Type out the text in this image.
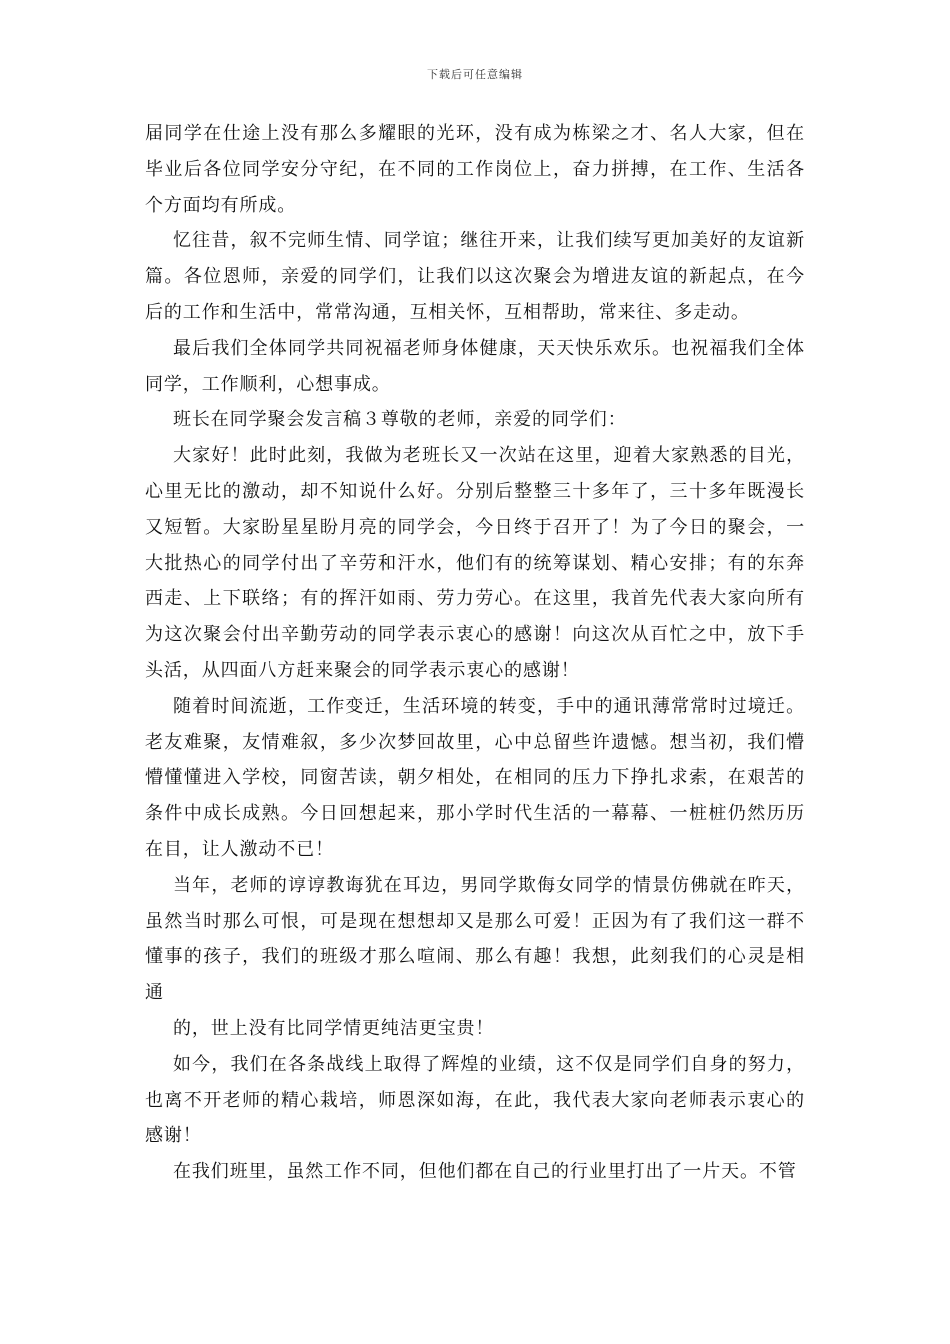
下载后可任意编辑

届同学在仕途上没有那么多耀眼的光环，没有成为栋梁之才、名人大家，但在毕业后各位同学安分守纪，在不同的工作岗位上，奋力拼搏，在工作、生活各个方面均有所成。

忆往昔，叙不完师生情、同学谊；继往开来，让我们续写更加美好的友谊新篇。各位恩师，亲爱的同学们，让我们以这次聚会为增进友谊的新起点，在今后的工作和生活中，常常沟通，互相关怀，互相帮助，常来往、多走动。

最后我们全体同学共同祝福老师身体健康，天天快乐欢乐。也祝福我们全体同学，工作顺利，心想事成。

班长在同学聚会发言稿３尊敬的老师，亲爱的同学们：

大家好！此时此刻，我做为老班长又一次站在这里，迎着大家熟悉的目光，心里无比的激动，却不知说什么好。分别后整整三十多年了，三十多年既漫长又短暂。大家盼星星盼月亮的同学会，今日终于召开了！为了今日的聚会，一大批热心的同学付出了辛劳和汗水，他们有的统筹谋划、精心安排；有的东奔西走、上下联络；有的挥汗如雨、劳力劳心。在这里，我首先代表大家向所有为这次聚会付出辛勤劳动的同学表示衷心的感谢！向这次从百忙之中，放下手头活，从四面八方赶来聚会的同学表示衷心的感谢！

随着时间流逝，工作变迁，生活环境的转变，手中的通讯薄常常时过境迁。老友难聚，友情难叙，多少次梦回故里，心中总留些许遗憾。想当初，我们懵懵懂懂进入学校，同窗苦读，朝夕相处，在相同的压力下挣扎求索，在艰苦的条件中成长成熟。今日回想起来，那小学时代生活的一幕幕、一桩桩仍然历历在目，让人激动不已！

当年，老师的谆谆教诲犹在耳边，男同学欺侮女同学的情景仿佛就在昨天，虽然当时那么可恨，可是现在想想却又是那么可爱！正因为有了我们这一群不懂事的孩子，我们的班级才那么喧闹、那么有趣！我想，此刻我们的心灵是相通

的，世上没有比同学情更纯洁更宝贵！

如今，我们在各条战线上取得了辉煌的业绩，这不仅是同学们自身的努力，也离不开老师的精心栽培，师恩深如海，在此，我代表大家向老师表示衷心的感谢！

在我们班里，虽然工作不同，但他们都在自己的行业里打出了一片天。不管
